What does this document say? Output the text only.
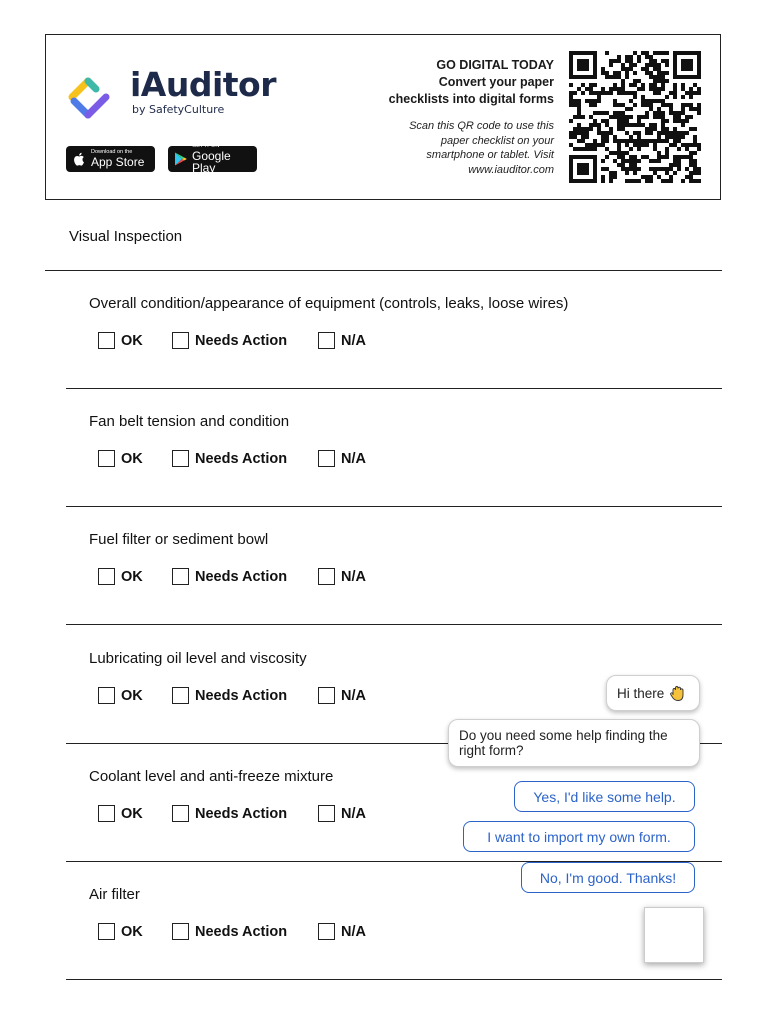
iAuditor
by SafetyCulture
Download on the
App Store
GET IT ON
Google Play
GO DIGITAL TODAY
Convert your paper
checklists into digital forms
Scan this QR code to use this
paper checklist on your
smartphone or tablet. Visit
www.iauditor.com
Visual Inspection
Overall condition/appearance of equipment (controls, leaks, loose wires)
OK	Needs Action	N/A
Fan belt tension and condition
OK	Needs Action	N/A
Fuel filter or sediment bowl
OK	Needs Action	N/A
Lubricating oil level and viscosity
OK	Needs Action	N/A
Coolant level and anti-freeze mixture
OK	Needs Action	N/A
Air filter
OK	Needs Action	N/A
Hi there
Do you need some help finding the
right form?
Yes, I'd like some help.
I want to import my own form.
No, I'm good. Thanks!
